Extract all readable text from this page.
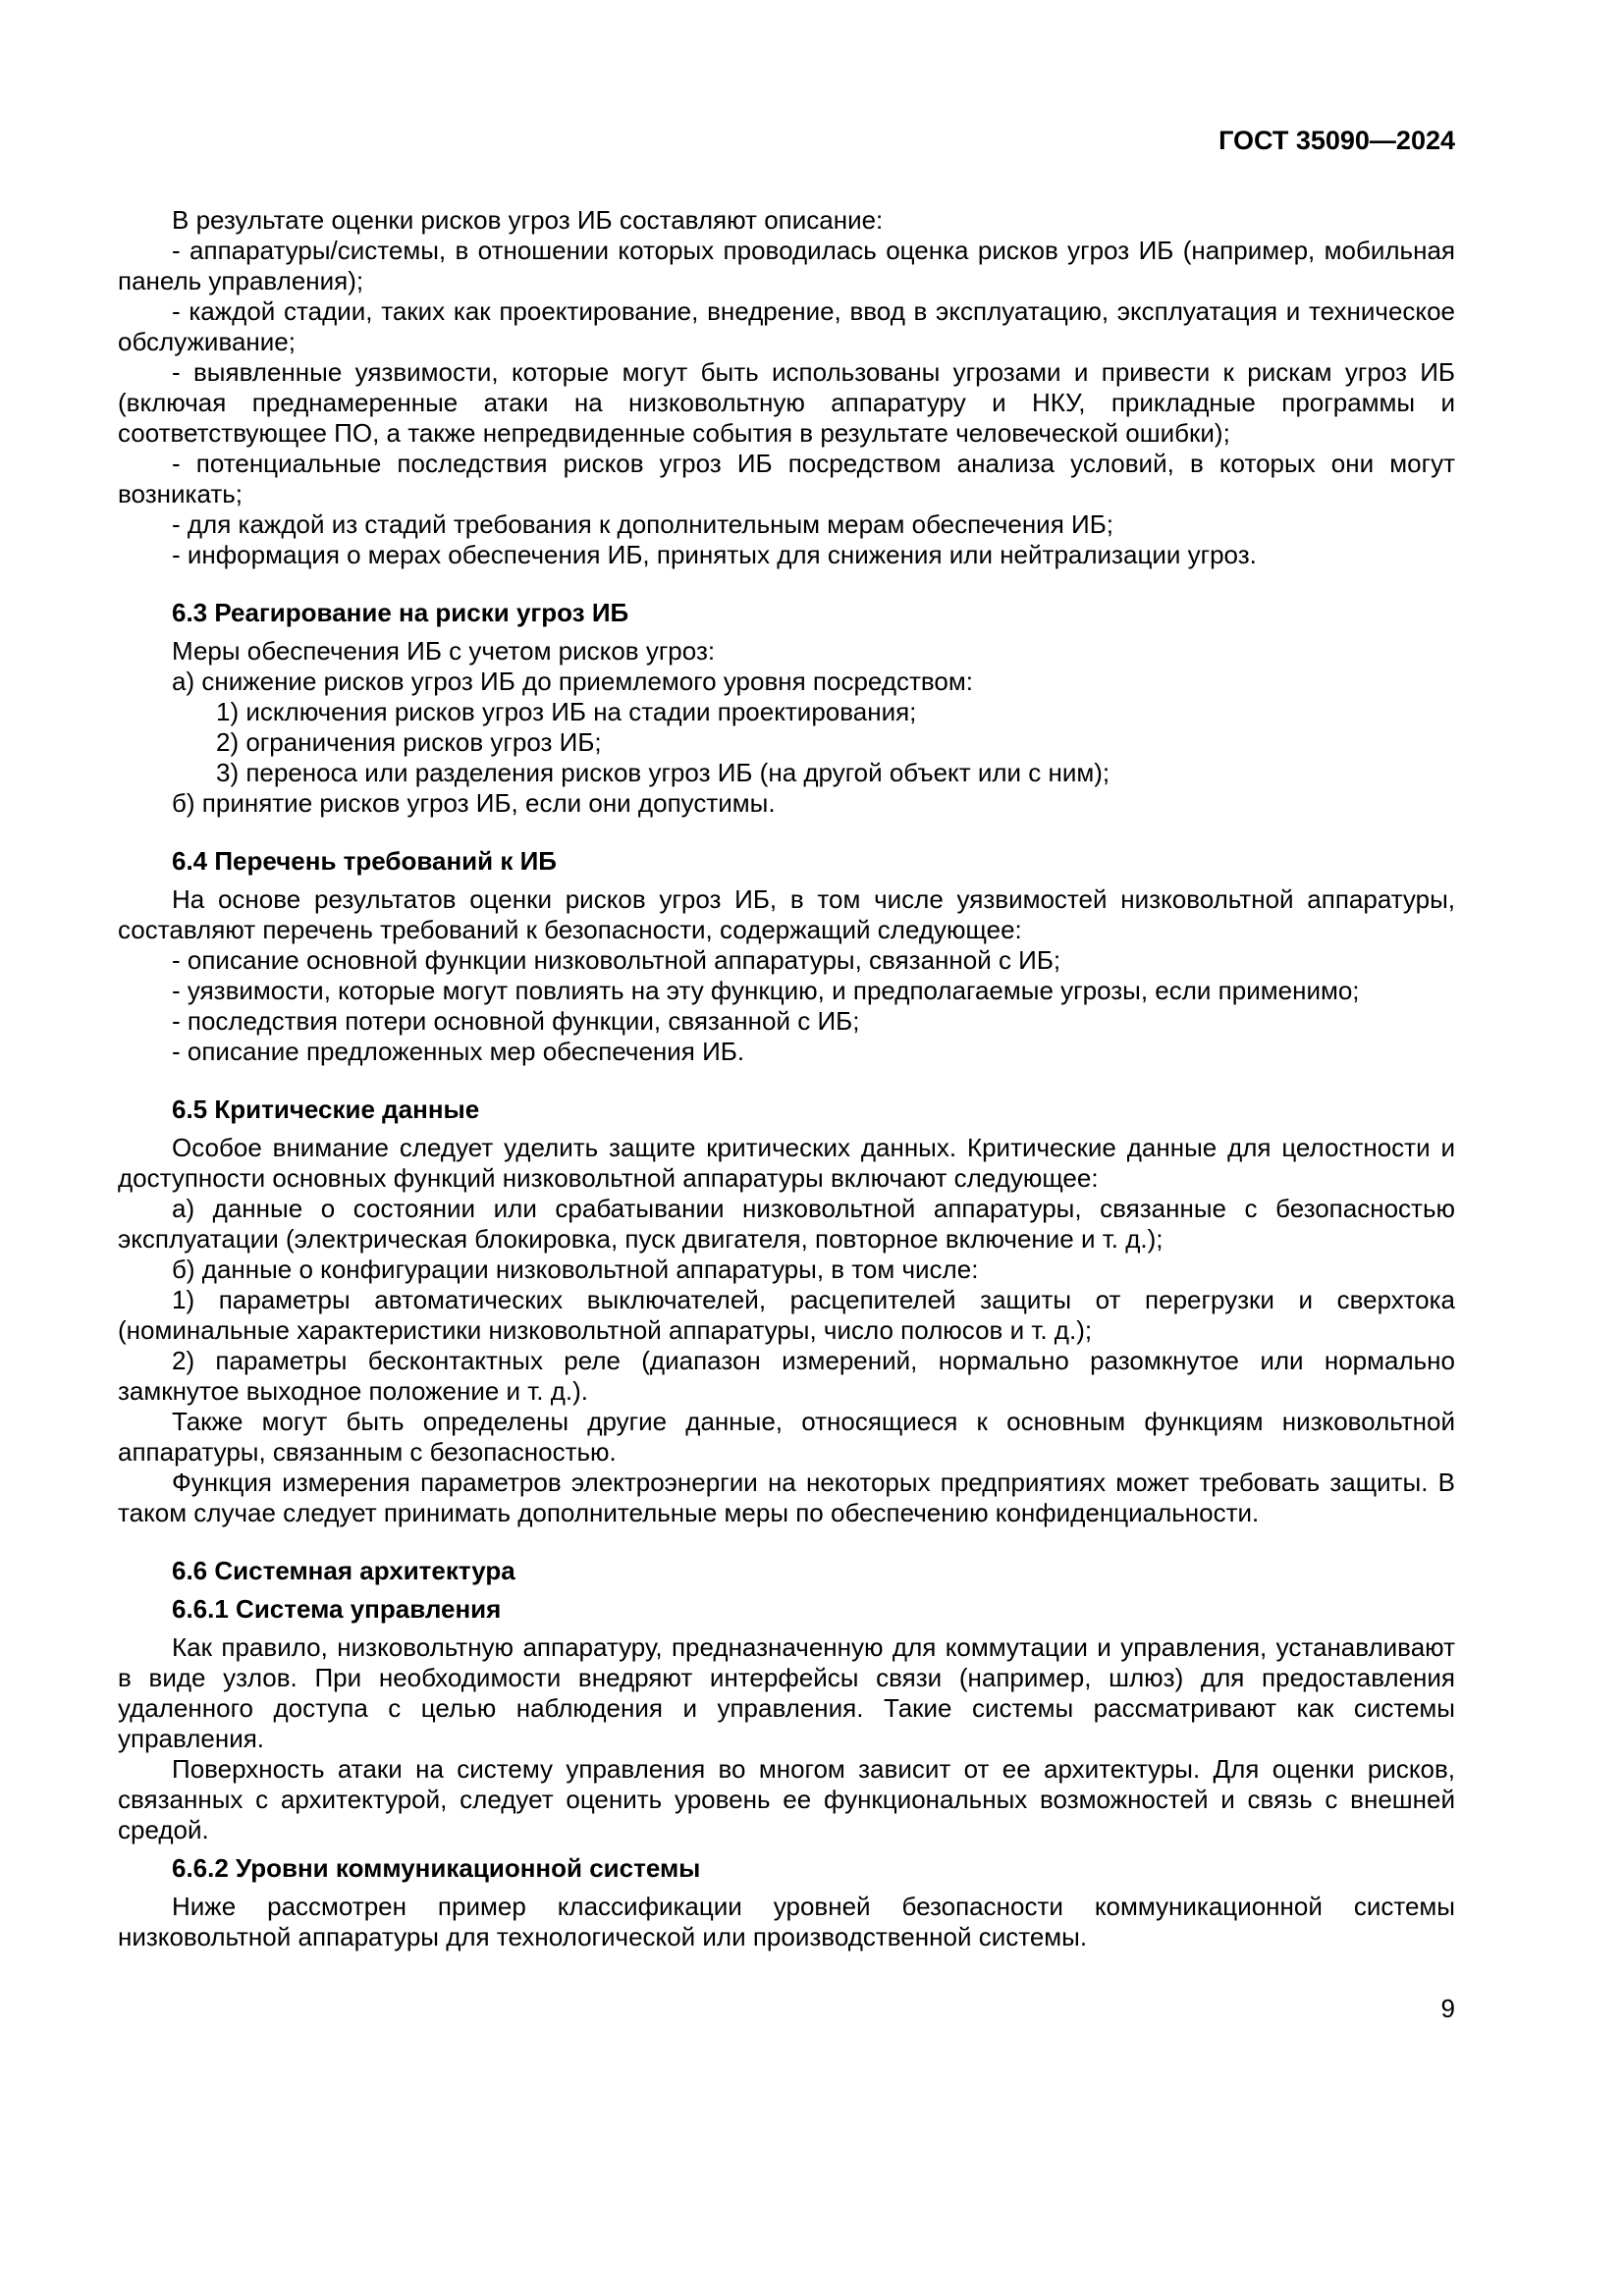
ГОСТ 35090—2024
В результате оценки рисков угроз ИБ составляют описание:
- аппаратуры/системы, в отношении которых проводилась оценка рисков угроз ИБ (например, мобильная панель управления);
- каждой стадии, таких как проектирование, внедрение, ввод в эксплуатацию, эксплуатация и техническое обслуживание;
- выявленные уязвимости, которые могут быть использованы угрозами и привести к рискам угроз ИБ (включая преднамеренные атаки на низковольтную аппаратуру и НКУ, прикладные программы и соответствующее ПО, а также непредвиденные события в результате человеческой ошибки);
- потенциальные последствия рисков угроз ИБ посредством анализа условий, в которых они могут возникать;
- для каждой из стадий требования к дополнительным мерам обеспечения ИБ;
- информация о мерах обеспечения ИБ, принятых для снижения или нейтрализации угроз.
6.3 Реагирование на риски угроз ИБ
Меры обеспечения ИБ с учетом рисков угроз:
а) снижение рисков угроз ИБ до приемлемого уровня посредством:
1) исключения рисков угроз ИБ на стадии проектирования;
2) ограничения рисков угроз ИБ;
3) переноса или разделения рисков угроз ИБ (на другой объект или с ним);
б) принятие рисков угроз ИБ, если они допустимы.
6.4 Перечень требований к ИБ
На основе результатов оценки рисков угроз ИБ, в том числе уязвимостей низковольтной аппаратуры, составляют перечень требований к безопасности, содержащий следующее:
- описание основной функции низковольтной аппаратуры, связанной с ИБ;
- уязвимости, которые могут повлиять на эту функцию, и предполагаемые угрозы, если применимо;
- последствия потери основной функции, связанной с ИБ;
- описание предложенных мер обеспечения ИБ.
6.5 Критические данные
Особое внимание следует уделить защите критических данных. Критические данные для целостности и доступности основных функций низковольтной аппаратуры включают следующее:
а) данные о состоянии или срабатывании низковольтной аппаратуры, связанные с безопасностью эксплуатации (электрическая блокировка, пуск двигателя, повторное включение и т. д.);
б) данные о конфигурации низковольтной аппаратуры, в том числе:
1) параметры автоматических выключателей, расцепителей защиты от перегрузки и сверхтока (номинальные характеристики низковольтной аппаратуры, число полюсов и т. д.);
2) параметры бесконтактных реле (диапазон измерений, нормально разомкнутое или нормально замкнутое выходное положение и т. д.).
Также могут быть определены другие данные, относящиеся к основным функциям низковольтной аппаратуры, связанным с безопасностью.
Функция измерения параметров электроэнергии на некоторых предприятиях может требовать защиты. В таком случае следует принимать дополнительные меры по обеспечению конфиденциальности.
6.6 Системная архитектура
6.6.1 Система управления
Как правило, низковольтную аппаратуру, предназначенную для коммутации и управления, устанавливают в виде узлов. При необходимости внедряют интерфейсы связи (например, шлюз) для предоставления удаленного доступа с целью наблюдения и управления. Такие системы рассматривают как системы управления.
Поверхность атаки на систему управления во многом зависит от ее архитектуры. Для оценки рисков, связанных с архитектурой, следует оценить уровень ее функциональных возможностей и связь с внешней средой.
6.6.2 Уровни коммуникационной системы
Ниже рассмотрен пример классификации уровней безопасности коммуникационной системы низковольтной аппаратуры для технологической или производственной системы.
9
